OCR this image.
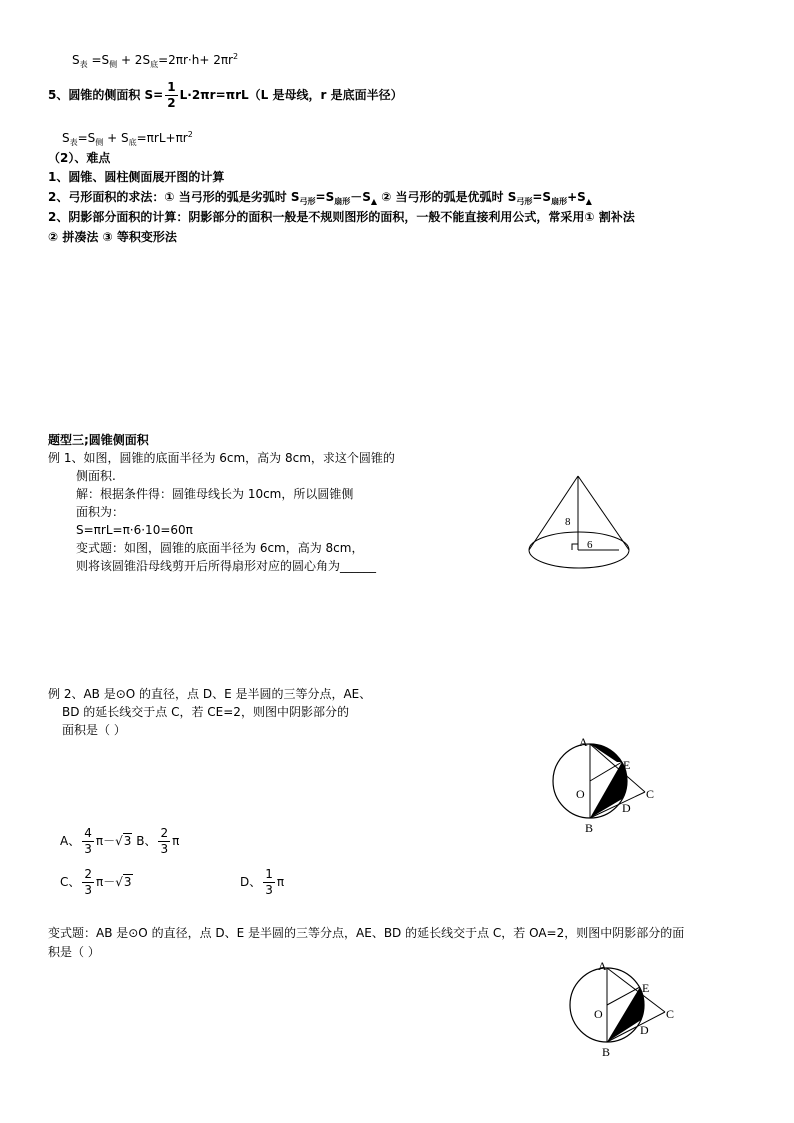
$S_表 =S_侧 + 2S_底=2\pi r\cdot h+ 2\pi r^2$
5、圆锥的侧面积 $S= \frac{1}{2} L\cdot 2\pi r=\pi rL(L$ 是母线，r 是底面半径）
$S_表=S_侧 + S_底=\pi rL+\pi r^2$
（2）、难点
1、圆锥、圆柱侧面展开图的计算
2、弓形面积的求法：① 当弓形的弧是劣弧时 $S_{弓形}=S_{扇形}-S_▲$ ② 当弓形的弧是优弧时 $S_{弓形}=S_{扇形}+S_▲$
2、阴影部分面积的计算：阴影部分的面积一般是不规则图形的面积，一般不能直接利用公式，常采用① 割补法
② 拼凑法 ③ 等积变形法
题型三;圆锥侧面积
例 1、如图，圆锥的底面半径为 6cm，高为 8cm，求这个圆锥的
侧面积.
解：根据条件得：圆锥母线长为 10cm，所以圆锥侧
面积为：
S=πrL=π·6·10=60π
变式题：如图，圆锥的底面半径为 6cm，高为 8cm，
则将该圆锥沿母线剪开后所得扇形对应的圆心角为______
8
6
例 2、AB 是⊙O 的直径，点 D、E 是半圆的三等分点，AE、
BD 的延长线交于点 C，若 CE=2，则图中阴影部分的
面积是（ ）
A、 $\frac{4}{3} \pi-√3$ B、 $\frac{2}{3}$ π
C、 $\frac{2}{3} \pi-√3$	D、 $\frac{1}{3}$ π
A
E
C
D
O
B
变式题：AB 是⊙O 的直径，点 D、E 是半圆的三等分点，AE、BD 的延长线交于点 C，若 OA=2，则图中阴影部分的面
积是（ ）
A
E
C
D
O
B
